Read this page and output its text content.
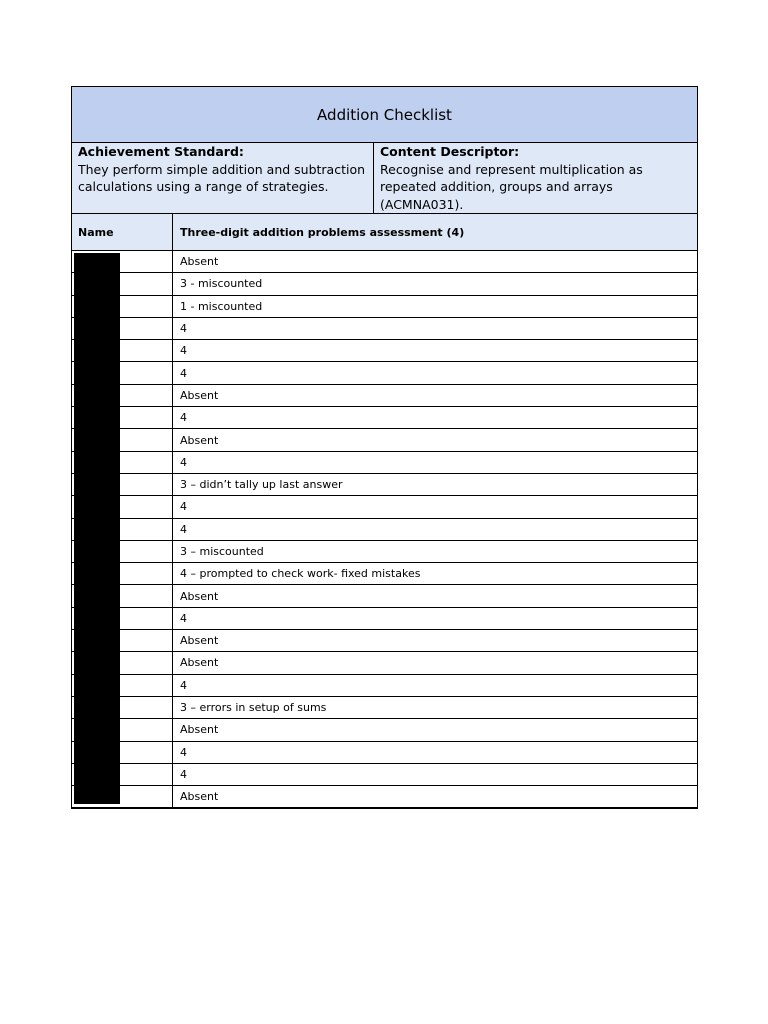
Addition Checklist
Achievement Standard:
They perform simple addition and subtraction calculations using a range of strategies.
Content Descriptor:
Recognise and represent multiplication as repeated addition, groups and arrays (ACMNA031).
Name	Three-digit addition problems assessment (4)
Absent
3 - miscounted
1 - miscounted
4
4
4
Absent
4
Absent
4
3 – didn’t tally up last answer
4
4
3 – miscounted
4 – prompted to check work- fixed mistakes
Absent
4
Absent
Absent
4
3 – errors in setup of sums
Absent
4
4
Absent
